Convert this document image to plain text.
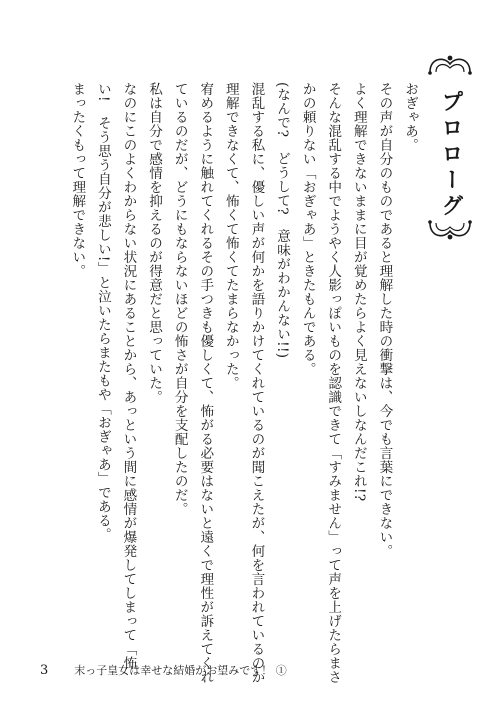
プロローグ

おぎゃあ。

その声が自分のものであると理解した時の衝撃は、今でも言葉にできない。

よく理解できないままに目が覚めたらよく見えないしなんだこれ!?

そんな混乱する中でようやく人影っぽいものを認識できて「すみません」って声を上げたらまさ

かの頼りない「おぎゃあ」ときたもんである。

(なんで?　どうして?　意味がわかんない!!)

混乱する私に、優しい声が何かを語りかけてくれているのが聞こえたが、何を言われているのか

理解できなくて、怖くて怖くてたまらなかった。

宥めるように触れてくれるその手つきも優しくて、怖がる必要はないと遠くで理性が訴えてくれ

ているのだが、どうにもならないほどの怖さが自分を支配したのだ。

私は自分で感情を抑えるのが得意だと思っていた。

なのにこのよくわからない状況にあることから、あっという間に感情が爆発してしまって「怖

い!　そう思う自分が悲しい!」と泣いたらまたもや「おぎゃあ」である。

まったくもって理解できない。

3 末っ子皇女は幸せな結婚がお望みです！ ①
